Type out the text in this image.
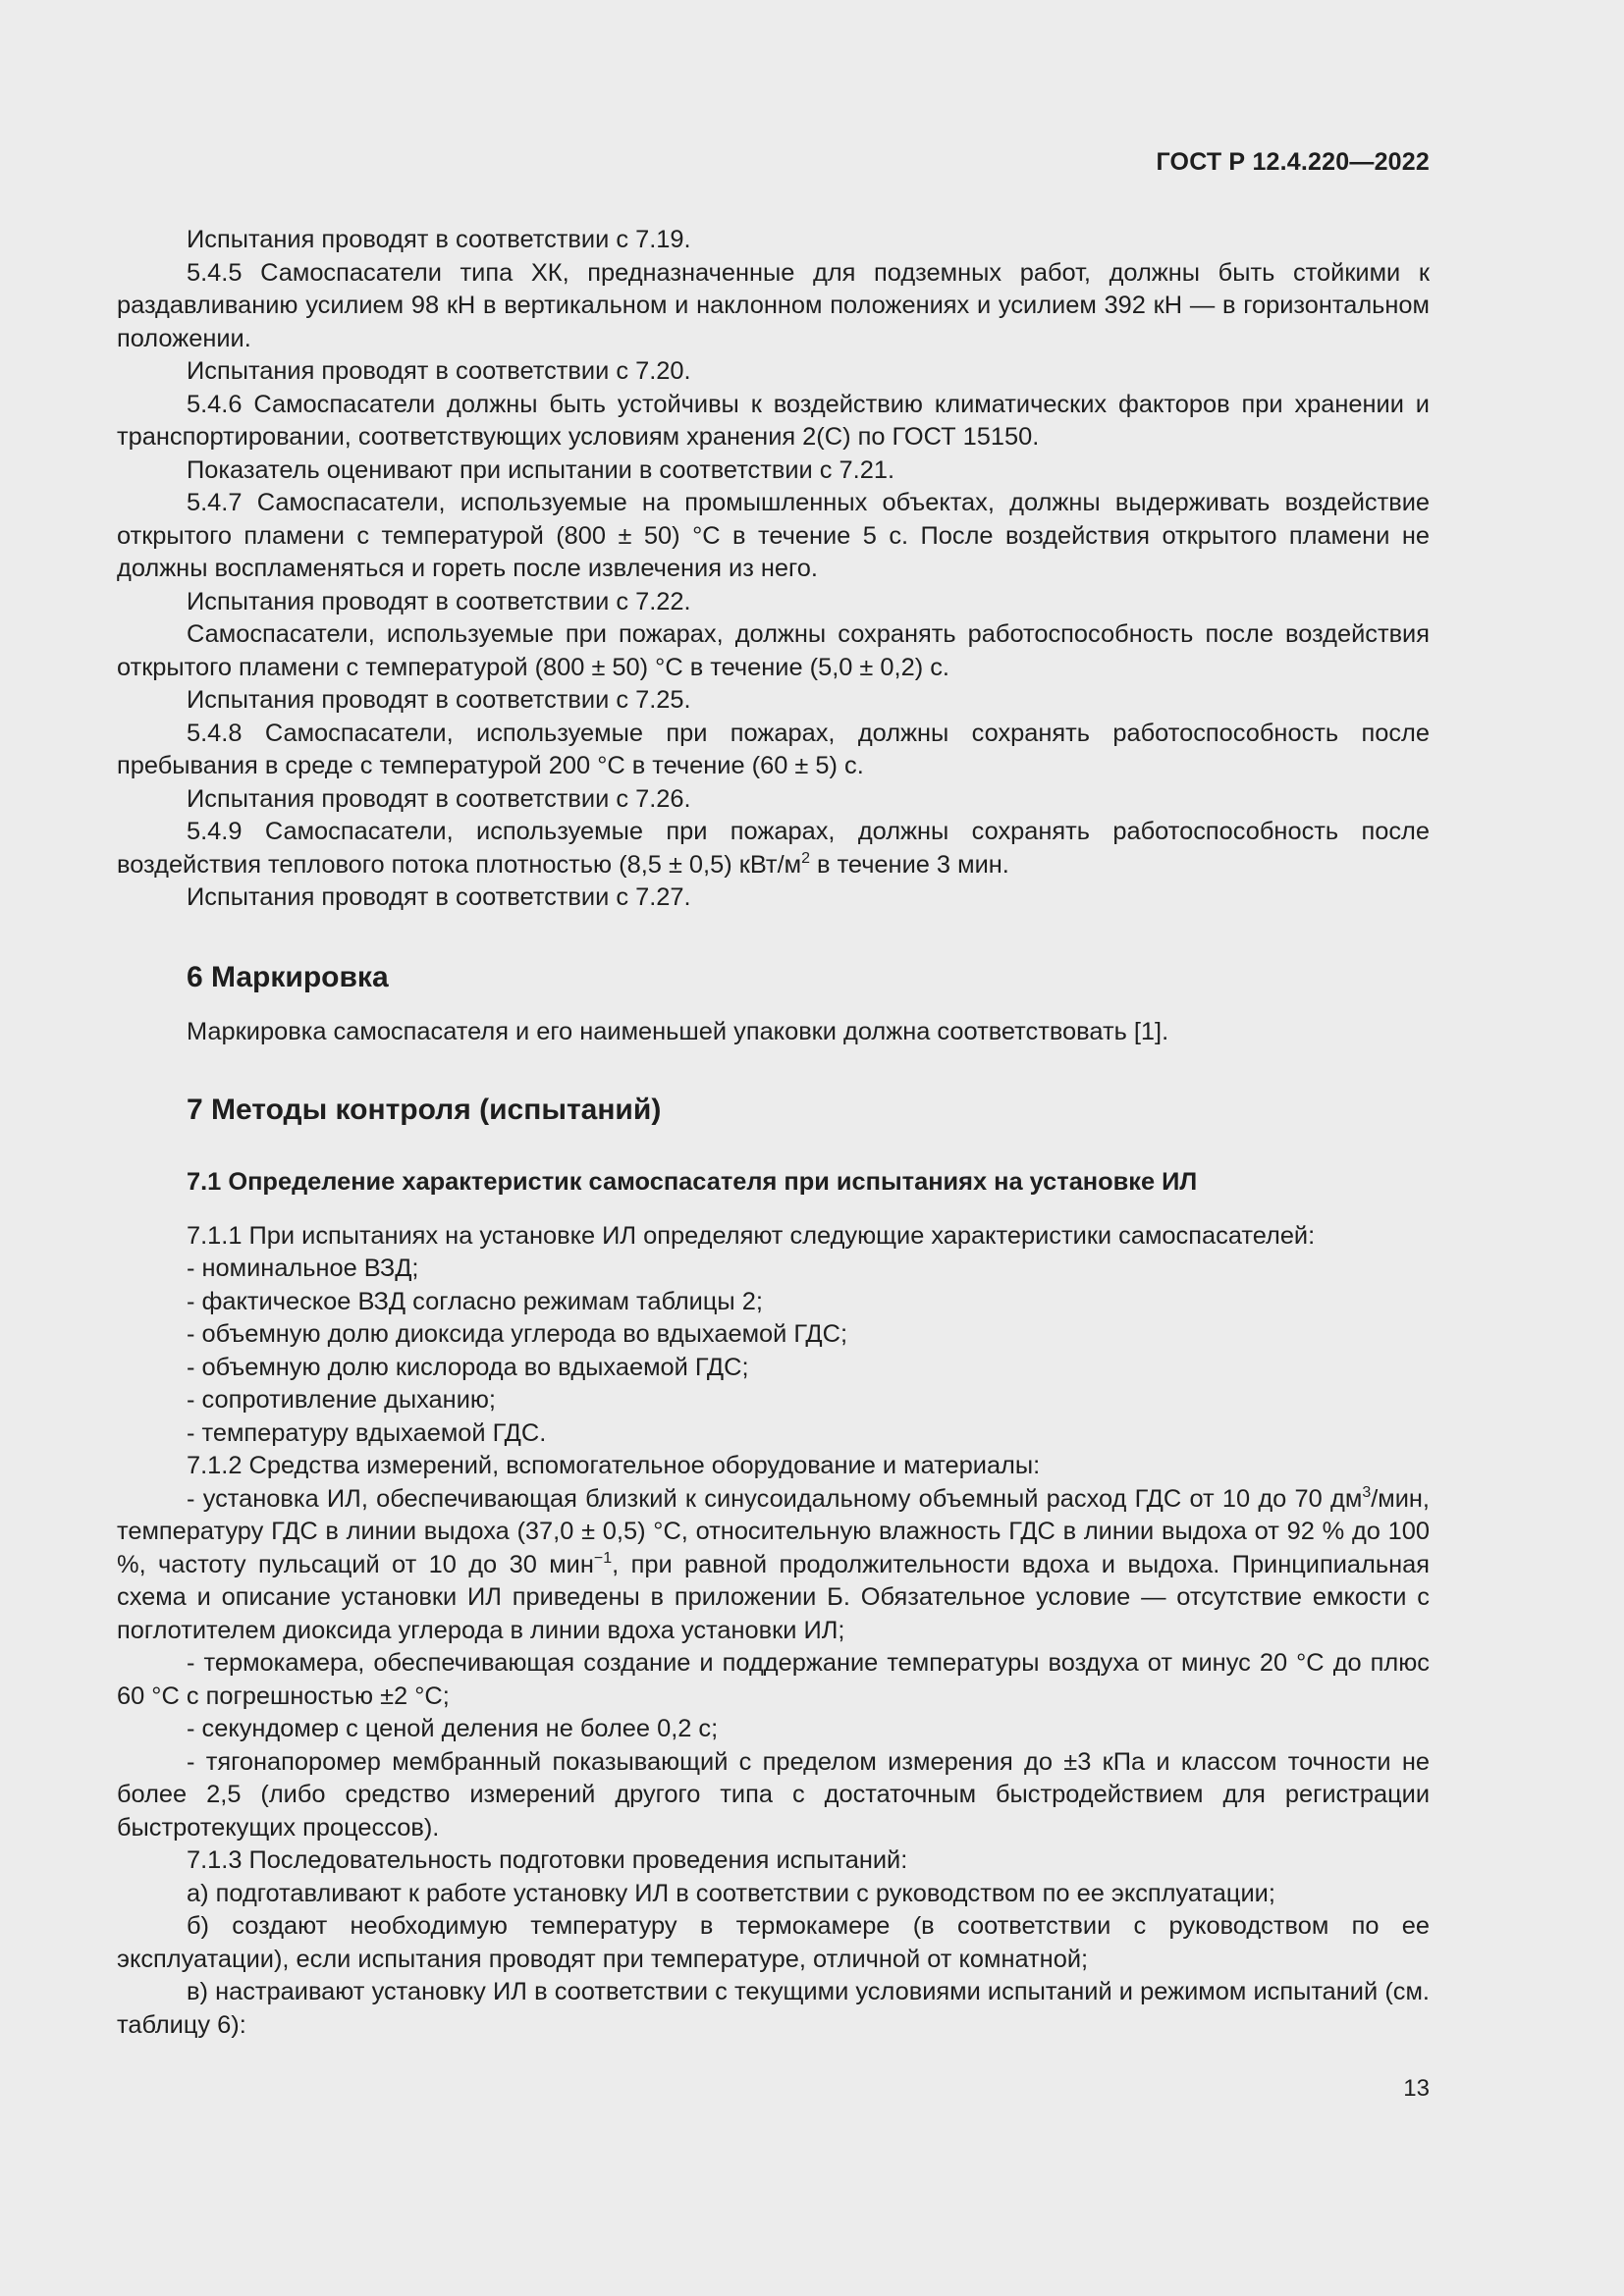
ГОСТ Р 12.4.220—2022

Испытания проводят в соответствии с 7.19.

5.4.5 Самоспасатели типа ХК, предназначенные для подземных работ, должны быть стойкими к раздавливанию усилием 98 кН в вертикальном и наклонном положениях и усилием 392 кН — в горизонтальном положении.

Испытания проводят в соответствии с 7.20.

5.4.6 Самоспасатели должны быть устойчивы к воздействию климатических факторов при хранении и транспортировании, соответствующих условиям хранения 2(С) по ГОСТ 15150.

Показатель оценивают при испытании в соответствии с 7.21.

5.4.7 Самоспасатели, используемые на промышленных объектах, должны выдерживать воздействие открытого пламени с температурой (800 ± 50) °С в течение 5 с. После воздействия открытого пламени не должны воспламеняться и гореть после извлечения из него.

Испытания проводят в соответствии с 7.22.

Самоспасатели, используемые при пожарах, должны сохранять работоспособность после воздействия открытого пламени с температурой (800 ± 50) °С в течение (5,0 ± 0,2) с.

Испытания проводят в соответствии с 7.25.

5.4.8 Самоспасатели, используемые при пожарах, должны сохранять работоспособность после пребывания в среде с температурой 200 °С в течение (60 ± 5) с.

Испытания проводят в соответствии с 7.26.

5.4.9 Самоспасатели, используемые при пожарах, должны сохранять работоспособность после воздействия теплового потока плотностью (8,5 ± 0,5) кВт/$м^2$ в течение 3 мин.

Испытания проводят в соответствии с 7.27.

6 Маркировка

Маркировка самоспасателя и его наименьшей упаковки должна соответствовать [1].

7 Методы контроля (испытаний)
7.1 Определение характеристик самоспасателя при испытаниях на установке ИЛ

7.1.1 При испытаниях на установке ИЛ определяют следующие характеристики самоспасателей:

- номинальное ВЗД;

- фактическое ВЗД согласно режимам таблицы 2;

- объемную долю диоксида углерода во вдыхаемой ГДС;

- объемную долю кислорода во вдыхаемой ГДС;

- сопротивление дыханию;

- температуру вдыхаемой ГДС.

7.1.2 Средства измерений, вспомогательное оборудование и материалы:

- установка ИЛ, обеспечивающая близкий к синусоидальному объемный расход ГДС от 10 до 70 $дм^3$/мин, температуру ГДС в линии выдоха (37,0 ± 0,5) °С, относительную влажность ГДС в линии выдоха от 92 % до 100 %, частоту пульсаций от 10 до 30 мин$^{-1}$, при равной продолжительности вдоха и выдоха. Принципиальная схема и описание установки ИЛ приведены в приложении Б. Обязательное условие — отсутствие емкости с поглотителем диоксида углерода в линии вдоха установки ИЛ;

- термокамера, обеспечивающая создание и поддержание температуры воздуха от минус 20 °С до плюс 60 °С с погрешностью ±2 °С;

- секундомер с ценой деления не более 0,2 с;

- тягонапоромер мембранный показывающий с пределом измерения до ±3 кПа и классом точности не более 2,5 (либо средство измерений другого типа с достаточным быстродействием для регистрации быстротекущих процессов).

7.1.3 Последовательность подготовки проведения испытаний:

а) подготавливают к работе установку ИЛ в соответствии с руководством по ее эксплуатации;

б) создают необходимую температуру в термокамере (в соответствии с руководством по ее эксплуатации), если испытания проводят при температуре, отличной от комнатной;

в) настраивают установку ИЛ в соответствии с текущими условиями испытаний и режимом испытаний (см. таблицу 6):

13
